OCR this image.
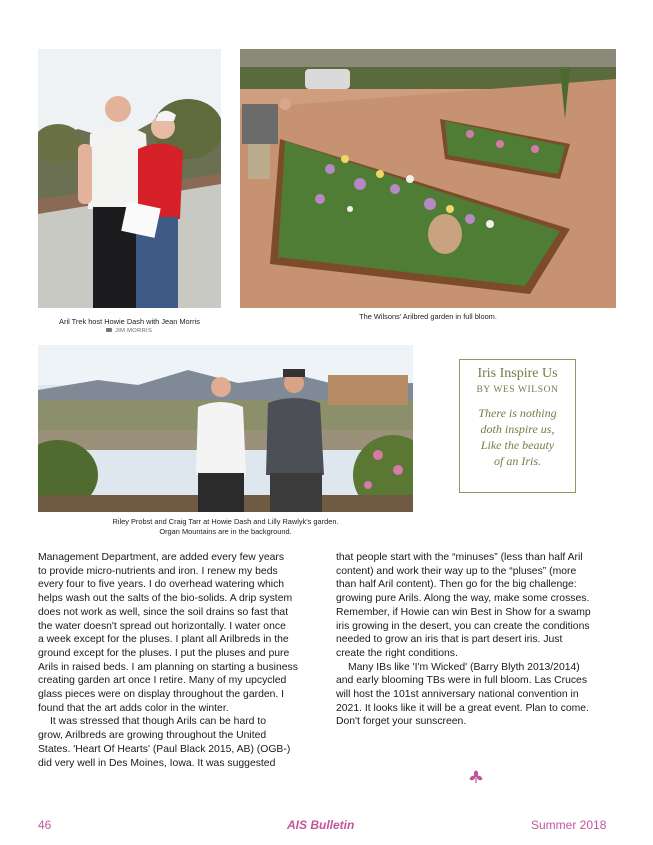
Aril Trek host Howie Dash with Jean Morris
JIM MORRIS
The Wilsons' Arilbred garden in full bloom.
Riley Probst and Craig Tarr at Howie Dash and Lilly Rawlyk's garden.
Organ Mountains are in the background.
Iris Inspire Us
BY WES WILSON
There is nothing
doth inspire us,
Like the beauty
of an Iris.
Management Department, are added every few years
to provide micro-nutrients and iron. I renew my beds
every four to five years. I do overhead watering which
helps wash out the salts of the bio-solids. A drip system
does not work as well, since the soil drains so fast that
the water doesn't spread out horizontally. I water once
a week except for the pluses. I plant all Arilbreds in the
ground except for the pluses. I put the pluses and pure
Arils in raised beds. I am planning on starting a business
creating garden art once I retire. Many of my upcycled
glass pieces were on display throughout the garden. I
found that the art adds color in the winter.
It was stressed that though Arils can be hard to
grow, Arilbreds are growing throughout the United
States. 'Heart Of Hearts' (Paul Black 2015, AB) (OGB-)
did very well in Des Moines, Iowa. It was suggested
that people start with the “minuses” (less than half Aril
content) and work their way up to the “pluses” (more
than half Aril content). Then go for the big challenge:
growing pure Arils. Along the way, make some crosses.
Remember, if Howie can win Best in Show for a swamp
iris growing in the desert, you can create the conditions
needed to grow an iris that is part desert iris. Just
create the right conditions.
Many IBs like 'I'm Wicked' (Barry Blyth 2013/2014)
and early blooming TBs were in full bloom. Las Cruces
will host the 101st anniversary national convention in
2021. It looks like it will be a great event. Plan to come.
Don't forget your sunscreen.
46	AIS Bulletin	Summer 2018
